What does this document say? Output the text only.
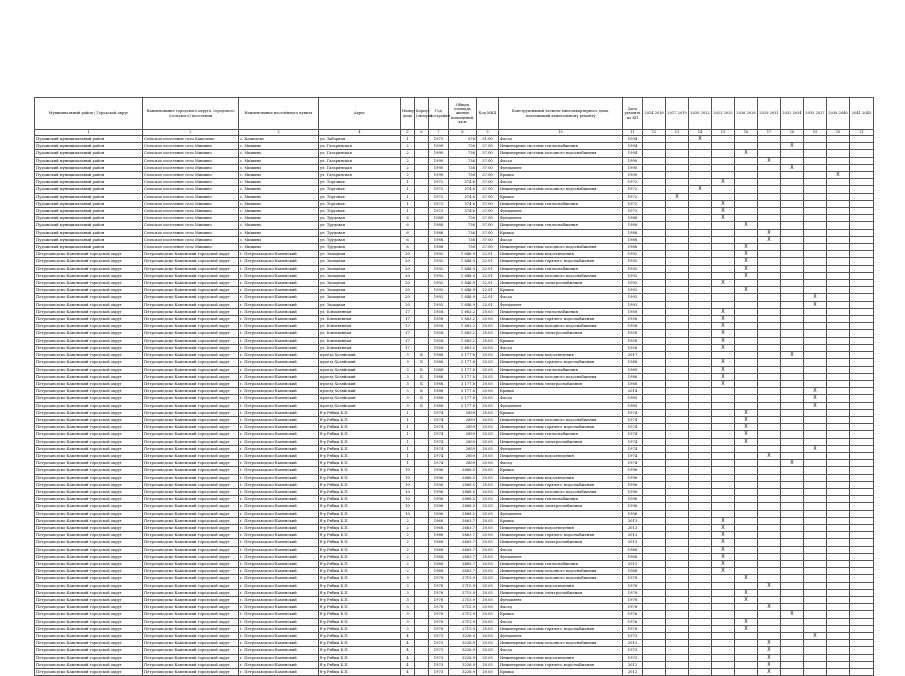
Муниципальный район / Городской округ	Наименование городского округа, городского (сельского) поселения	Наименование населённого пункта	Адрес	Номер дома	Корпус (литера)	Год постройки	Общая площадь жилых помещений, кв.м	Код МКД	Конструктивный элемент многоквартирного дома, подлежащий капитальному ремонту	Дата ремонта по КП	2014 2016	2017 2019	2020 2022	2023 2025	2026 2028	2029 2031	2032 2034	2035 2037	2038 2040	2041 2043
1	2	3	4	5	6	7	8	9	10	11	12	13	14	15	16	17	18	19	20	21
Пудожский муниципальный район	Сельское поселение село Кашелево	с. Кашелево	ул. Заборная	1		1971	576	51.00	Фасад	1994			X							
Пудожский муниципальный район	Сельское поселение село Мишино	с. Мишино	ул. Гагаринская	2		1990	736	37.00	Инженерные системы теплоснабжения	1994							X			
Пудожский муниципальный район	Сельское поселение село Мишино	с. Мишино	ул. Гагаринская	2		1990	736	37.00	Инженерные системы холодного водоснабжения	1994					X					
Пудожский муниципальный район	Сельское поселение село Мишино	с. Мишино	ул. Гагаринская	2		1990	736	37.00	Фасад	1990						X				
Пудожский муниципальный район	Сельское поселение село Мишино	с. Мишино	ул. Гагаринская	2		1990	736	37.00	Фундамент	1990							X			
Пудожский муниципальный район	Сельское поселение село Мишино	с. Мишино	ул. Гагаринская	2		1990	736	37.00	Крыша	1990									X	
Пудожский муниципальный район	Сельское поселение село Мишино	с. Мишино	ул. Торговая	1		1972	574.6	37.00	Фасад	1972				X						
Пудожский муниципальный район	Сельское поселение село Мишино	с. Мишино	ул. Торговая	1		1972	574.6	37.00	Инженерные системы холодного водоснабжения	1972			X							
Пудожский муниципальный район	Сельское поселение село Мишино	с. Мишино	ул. Торговая	1		1972	574.6	37.00	Крыша	1972		X								
Пудожский муниципальный район	Сельское поселение село Мишино	с. Мишино	ул. Торговая	1		1972	574.6	37.00	Инженерные системы теплоснабжения	1972				X						
Пудожский муниципальный район	Сельское поселение село Мишино	с. Мишино	ул. Торговая	1		1972	574.6	37.00	Фундамент	1972				X						
Пудожский муниципальный район	Сельское поселение село Мишино	с. Мишино	ул. Трудовая	6		1988	736	37.00	Фундамент	1988				X						
Пудожский муниципальный район	Сельское поселение село Мишино	с. Мишино	ул. Трудовая	6		1988	736	37.00	Инженерные системы теплоснабжения	1988					X					
Пудожский муниципальный район	Сельское поселение село Мишино	с. Мишино	ул. Трудовая	6		1988	736	37.00	Крыша	1988						X				
Пудожский муниципальный район	Сельское поселение село Мишино	с. Мишино	ул. Трудовая	6		1988	736	37.00	Фасад	1988						X				
Пудожский муниципальный район	Сельское поселение село Мишино	с. Мишино	ул. Трудовая	6		1988	736	37.00	Инженерные системы холодного водоснабжения	1988					X					
Петрозаводско-Каменский городской округ	Петрозаводско-Каменский городской округ	г. Петрозаводско-Каменский	ул. Западная	20		1992	1 646.9	22.01	Инженерные системы водоотведения	1992					X					
Петрозаводско-Каменский городской округ	Петрозаводско-Каменский городской округ	г. Петрозаводско-Каменский	ул. Западная	20		1992	1 646.9	22.01	Инженерные системы горячего водоснабжения	1992					X					
Петрозаводско-Каменский городской округ	Петрозаводско-Каменский городской округ	г. Петрозаводско-Каменский	ул. Западная	20		1992	1 646.9	22.01	Инженерные системы теплоснабжения	1992					X					
Петрозаводско-Каменский городской округ	Петрозаводско-Каменский городской округ	г. Петрозаводско-Каменский	ул. Западная	20		1992	1 646.9	22.01	Инженерные системы холодного водоснабжения	1992					X					
Петрозаводско-Каменский городской округ	Петрозаводско-Каменский городской округ	г. Петрозаводско-Каменский	ул. Западная	20		1992	1 646.9	22.01	Инженерные системы электроснабжения	1992				X						
Петрозаводско-Каменский городской округ	Петрозаводско-Каменский городской округ	г. Петрозаводско-Каменский	ул. Западная	20		1992	1 646.9	22.01	Крыша	1992					X					
Петрозаводско-Каменский городской округ	Петрозаводско-Каменский городской округ	г. Петрозаводско-Каменский	ул. Западная	20		1992	1 646.9	22.01	Фасад	1992								X		
Петрозаводско-Каменский городской округ	Петрозаводско-Каменский городской округ	г. Петрозаводско-Каменский	ул. Западная	20		1992	1 646.9	22.01	Фундамент	1992								X		
Петрозаводско-Каменский городской округ	Петрозаводско-Каменский городской округ	г. Петрозаводско-Каменский	ул. Клюквенная	17		1958	1 683.2	20.03	Инженерные системы теплоснабжения	1958				X						
Петрозаводско-Каменский городской округ	Петрозаводско-Каменский городской округ	г. Петрозаводско-Каменский	ул. Клюквенная	17		1958	1 683.2	20.03	Инженерные системы горячего водоснабжения	1958				X						
Петрозаводско-Каменский городской округ	Петрозаводско-Каменский городской округ	г. Петрозаводско-Каменский	ул. Клюквенная	17		1958	1 683.2	20.03	Инженерные системы холодного водоснабжения	1958				X						
Петрозаводско-Каменский городской округ	Петрозаводско-Каменский городской округ	г. Петрозаводско-Каменский	ул. Клюквенная	17		1958	1 683.2	20.03	Инженерные системы электроснабжения	1958				X						
Петрозаводско-Каменский городской округ	Петрозаводско-Каменский городской округ	г. Петрозаводско-Каменский	ул. Клюквенная	17		1958	1 683.2	20.03	Крыша	1958				X						
Петрозаводско-Каменский городской округ	Петрозаводско-Каменский городской округ	г. Петрозаводско-Каменский	ул. Клюквенная	17		1958	1 683.2	20.03	Фасад	1958				X						
Петрозаводско-Каменский городской округ	Петрозаводско-Каменский городской округ	г. Петрозаводско-Каменский	проезд Хозяйский	3	Б	1988	3 177.8	20.03	Инженерные системы водоотведения	2017							X			
Петрозаводско-Каменский городской округ	Петрозаводско-Каменский городской округ	г. Петрозаводско-Каменский	проезд Хозяйский	3	Б	1988	3 177.8	20.03	Инженерные системы горячего водоснабжения	1988				X						
Петрозаводско-Каменский городской округ	Петрозаводско-Каменский городской округ	г. Петрозаводско-Каменский	проезд Хозяйский	3	Б	1988	3 177.8	20.03	Инженерные системы теплоснабжения	1989				X						
Петрозаводско-Каменский городской округ	Петрозаводско-Каменский городской округ	г. Петрозаводско-Каменский	проезд Хозяйский	3	Б	1988	3 177.8	20.03	Инженерные системы холодного водоснабжения	1986				X						
Петрозаводско-Каменский городской округ	Петрозаводско-Каменский городской округ	г. Петрозаводско-Каменский	проезд Хозяйский	3	Б	1988	3 177.8	20.03	Инженерные системы электроснабжения	1988				X						
Петрозаводско-Каменский городской округ	Петрозаводско-Каменский городской округ	г. Петрозаводско-Каменский	проезд Хозяйский	3	Б	1988	3 177.8	20.03	Крыша	2014								X		
Петрозаводско-Каменский городской округ	Петрозаводско-Каменский городской округ	г. Петрозаводско-Каменский	проезд Хозяйский	3	Б	1988	3 177.8	20.03	Фасад	1989								X		
Петрозаводско-Каменский городской округ	Петрозаводско-Каменский городской округ	г. Петрозаводско-Каменский	проезд Хозяйский	3	Б	1988	3 177.8	20.03	Фундамент	1989								X		
Петрозаводско-Каменский городской округ	Петрозаводско-Каменский городской округ	г. Петрозаводско-Каменский	б-р Рябцы Б.П.	1		1974	2859	20.03	Крыша	1974					X					
Петрозаводско-Каменский городской округ	Петрозаводско-Каменский городской округ	г. Петрозаводско-Каменский	б-р Рябцы Б.П.	1		1974	2859	20.03	Инженерные системы холодного водоснабжения	1974					X					
Петрозаводско-Каменский городской округ	Петрозаводско-Каменский городской округ	г. Петрозаводско-Каменский	б-р Рябцы Б.П.	1		1974	2859	20.03	Инженерные системы горячего водоснабжения	1974					X					
Петрозаводско-Каменский городской округ	Петрозаводско-Каменский городской округ	г. Петрозаводско-Каменский	б-р Рябцы Б.П.	1		1974	2859	20.03	Инженерные системы теплоснабжения	1974					X					
Петрозаводско-Каменский городской округ	Петрозаводско-Каменский городской округ	г. Петрозаводско-Каменский	б-р Рябцы Б.П.	1		1974	2859	20.03	Инженерные системы электроснабжения	1974					X					
Петрозаводско-Каменский городской округ	Петрозаводско-Каменский городской округ	г. Петрозаводско-Каменский	б-р Рябцы Б.П.	1		1974	2859	20.03	Фундамент	1974								X		
Петрозаводско-Каменский городской округ	Петрозаводско-Каменский городской округ	г. Петрозаводско-Каменский	б-р Рябцы Б.П.	1		1974	2859	20.03	Инженерные системы водоотведения	1974						X				
Петрозаводско-Каменский городской округ	Петрозаводско-Каменский городской округ	г. Петрозаводско-Каменский	б-р Рябцы Б.П.	1		1974	2859	20.03	Фасад	1974							X			
Петрозаводско-Каменский городской округ	Петрозаводско-Каменский городской округ	г. Петрозаводско-Каменский	б-р Рябцы Б.П.	10		1996	2868.5	20.03	Крыша	1996										
Петрозаводско-Каменский городской округ	Петрозаводско-Каменский городской округ	г. Петрозаводско-Каменский	б-р Рябцы Б.П.	10		1996	2868.5	20.03	Инженерные системы водоотведения	1996										
Петрозаводско-Каменский городской округ	Петрозаводско-Каменский городской округ	г. Петрозаводско-Каменский	б-р Рябцы Б.П.	10		1996	2868.5	20.03	Инженерные системы горячего водоснабжения	1996										
Петрозаводско-Каменский городской округ	Петрозаводско-Каменский городской округ	г. Петрозаводско-Каменский	б-р Рябцы Б.П.	10		1996	2868.5	20.03	Инженерные системы холодного водоснабжения	1996										
Петрозаводско-Каменский городской округ	Петрозаводско-Каменский городской округ	г. Петрозаводско-Каменский	б-р Рябцы Б.П.	10		1996	2868.5	20.03	Инженерные системы теплоснабжения	1996										
Петрозаводско-Каменский городской округ	Петрозаводско-Каменский городской округ	г. Петрозаводско-Каменский	б-р Рябцы Б.П.	10		1996	2868.5	20.03	Инженерные системы электроснабжения	1996										
Петрозаводско-Каменский городской округ	Петрозаводско-Каменский городской округ	г. Петрозаводско-Каменский	б-р Рябцы Б.П.	10		1996	2868.5	20.03	Фундамент	1996										
Петрозаводско-Каменский городской округ	Петрозаводско-Каменский городской округ	г. Петрозаводско-Каменский	б-р Рябцы Б.П.	2		1968	2663.7	20.03	Крыша	2013				X						
Петрозаводско-Каменский городской округ	Петрозаводско-Каменский городской округ	г. Петрозаводско-Каменский	б-р Рябцы Б.П.	2		1968	2663.7	20.03	Инженерные системы водоотведения	2013				X						
Петрозаводско-Каменский городской округ	Петрозаводско-Каменский городской округ	г. Петрозаводско-Каменский	б-р Рябцы Б.П.	2		1968	2663.7	20.03	Инженерные системы горячего водоснабжения	2013				X						
Петрозаводско-Каменский городской округ	Петрозаводско-Каменский городской округ	г. Петрозаводско-Каменский	б-р Рябцы Б.П.	2		1968	2663.7	20.03	Инженерные системы электроснабжения	2013				X						
Петрозаводско-Каменский городской округ	Петрозаводско-Каменский городской округ	г. Петрозаводско-Каменский	б-р Рябцы Б.П.	2		1968	2663.7	20.03	Фасад	1968				X						
Петрозаводско-Каменский городской округ	Петрозаводско-Каменский городской округ	г. Петрозаводско-Каменский	б-р Рябцы Б.П.	2		1968	2663.7	20.03	Фундамент	1968				X						
Петрозаводско-Каменский городской округ	Петрозаводско-Каменский городской округ	г. Петрозаводско-Каменский	б-р Рябцы Б.П.	2		1968	2663.7	20.03	Инженерные системы теплоснабжения	2013				X						
Петрозаводско-Каменский городской округ	Петрозаводско-Каменский городской округ	г. Петрозаводско-Каменский	б-р Рябцы Б.П.	2		1968	2663.7	20.03	Инженерные системы холодного водоснабжения	1968				X						
Петрозаводско-Каменский городской округ	Петрозаводско-Каменский городской округ	г. Петрозаводско-Каменский	б-р Рябцы Б.П.	3		1978	2715.9	20.03	Инженерные системы холодного водоснабжения	1978					X					
Петрозаводско-Каменский городской округ	Петрозаводско-Каменский городской округ	г. Петрозаводско-Каменский	б-р Рябцы Б.П.	3		1978	2715.9	20.03	Инженерные системы водоотведения	1978						X				
Петрозаводско-Каменский городской округ	Петрозаводско-Каменский городской округ	г. Петрозаводско-Каменский	б-р Рябцы Б.П.	3		1978	2715.9	20.03	Инженерные системы электроснабжения	1978					X					
Петрозаводско-Каменский городской округ	Петрозаводско-Каменский городской округ	г. Петрозаводско-Каменский	б-р Рябцы Б.П.	3		1978	2715.9	20.03	Фундамент	1978					X					
Петрозаводско-Каменский городской округ	Петрозаводско-Каменский городской округ	г. Петрозаводско-Каменский	б-р Рябцы Б.П.	3		1978	2715.9	20.03	Фасад	1978						X				
Петрозаводско-Каменский городской округ	Петрозаводско-Каменский городской округ	г. Петрозаводско-Каменский	б-р Рябцы Б.П.	3		1978	2715.9	20.03	Крыша	1978							X			
Петрозаводско-Каменский городской округ	Петрозаводско-Каменский городской округ	г. Петрозаводско-Каменский	б-р Рябцы Б.П.	3		1978	2715.9	20.03	Фасад	1978					X					
Петрозаводско-Каменский городской округ	Петрозаводско-Каменский городской округ	г. Петрозаводско-Каменский	б-р Рябцы Б.П.	3		1978	2715.9	20.03	Инженерные системы горячего водоснабжения	1978					X					
Петрозаводско-Каменский городской округ	Петрозаводско-Каменский городской округ	г. Петрозаводско-Каменский	б-р Рябцы Б.П.	4		1973	3226.9	20.03	Фундамент	1973								X		
Петрозаводско-Каменский городской округ	Петрозаводско-Каменский городской округ	г. Петрозаводско-Каменский	б-р Рябцы Б.П.	4		1973	3226.9	20.03	Инженерные системы холодного водоснабжения	2012						X				
Петрозаводско-Каменский городской округ	Петрозаводско-Каменский городской округ	г. Петрозаводско-Каменский	б-р Рябцы Б.П.	4		1973	3226.9	20.03	Фасад	1973						X				
Петрозаводско-Каменский городской округ	Петрозаводско-Каменский городской округ	г. Петрозаводско-Каменский	б-р Рябцы Б.П.	4		1973	3226.9	20.03	Инженерные системы водоотведения	1973						X				
Петрозаводско-Каменский городской округ	Петрозаводско-Каменский городской округ	г. Петрозаводско-Каменский	б-р Рябцы Б.П.	4		1973	3226.9	20.03	Инженерные системы горячего водоснабжения	2012						X				
Петрозаводско-Каменский городской округ	Петрозаводско-Каменский городской округ	г. Петрозаводско-Каменский	б-р Рябцы Б.П.	4		1973	3226.9	20.03	Крыша	2012						X				
